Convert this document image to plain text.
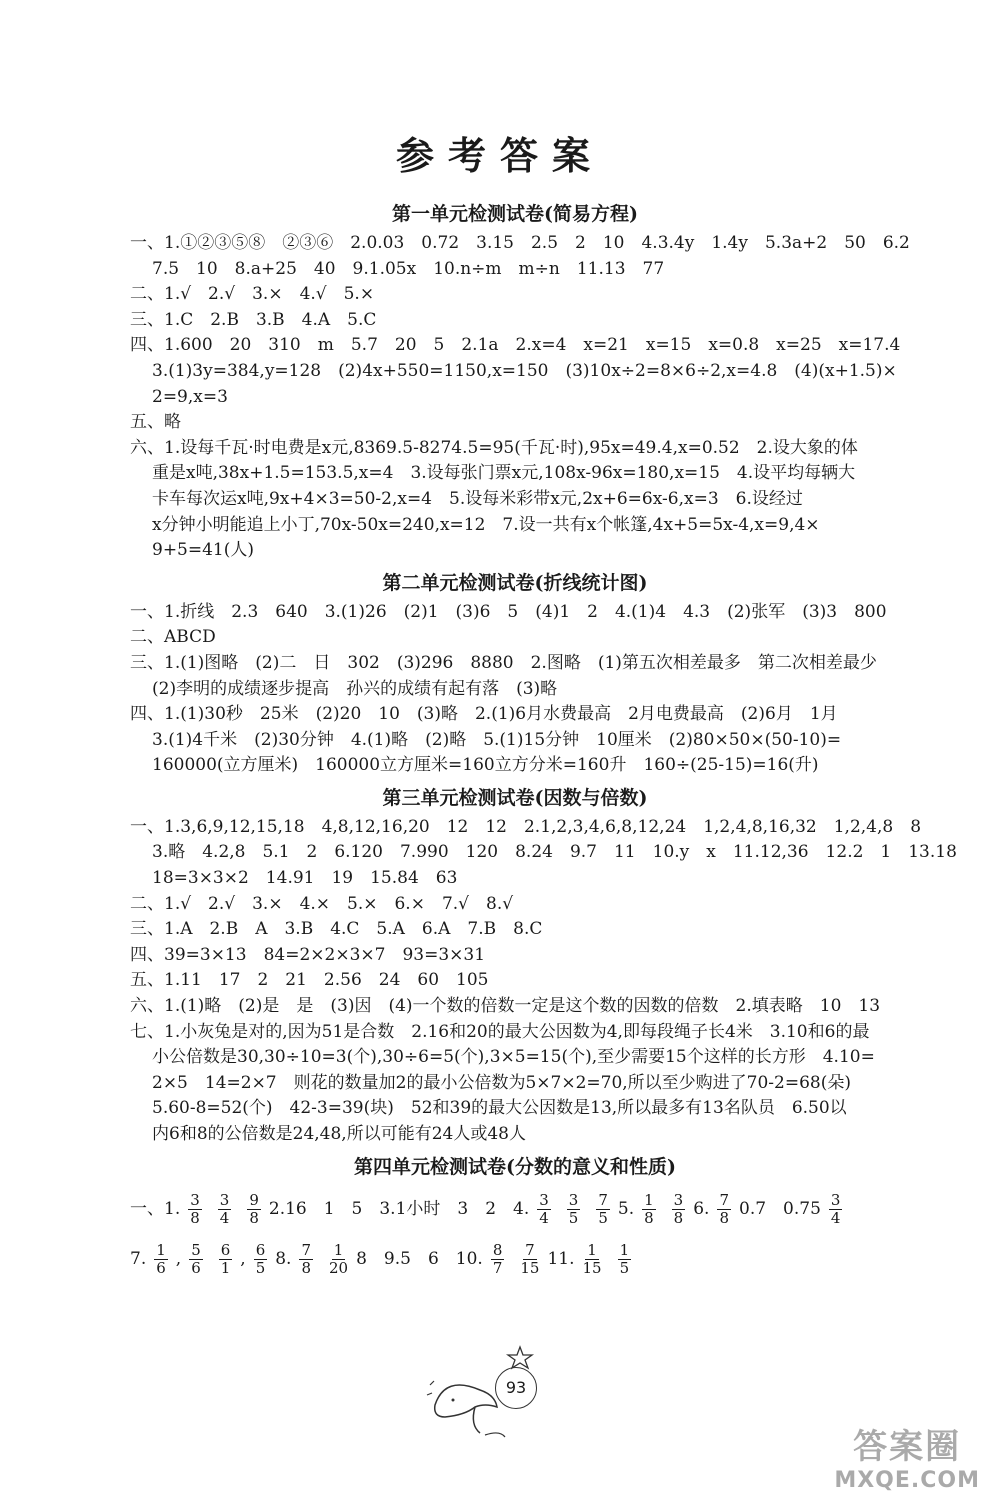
参考答案
第一单元检测试卷(简易方程)
一、1.①②③⑤⑧　②③⑥　2.0.03　0.72　3.15　2.5　2　10　4.3.4y　1.4y　5.3a+2　50　6.2
7.5　10　8.a+25　40　9.1.05x　10.n÷m　m÷n　11.13　77
二、1.√　2.√　3.×　4.√　5.×
三、1.C　2.B　3.B　4.A　5.C
四、1.600　20　310　m　5.7　20　5　2.1a　2.x=4　x=21　x=15　x=0.8　x=25　x=17.4
3.(1)3y=384,y=128　(2)4x+550=1150,x=150　(3)10x÷2=8×6÷2,x=4.8　(4)(x+1.5)×
2=9,x=3
五、略
六、1.设每千瓦·时电费是x元,8369.5-8274.5=95(千瓦·时),95x=49.4,x=0.52　2.设大象的体
重是x吨,38x+1.5=153.5,x=4　3.设每张门票x元,108x-96x=180,x=15　4.设平均每辆大
卡车每次运x吨,9x+4×3=50-2,x=4　5.设每米彩带x元,2x+6=6x-6,x=3　6.设经过
x分钟小明能追上小丁,70x-50x=240,x=12　7.设一共有x个帐篷,4x+5=5x-4,x=9,4×
9+5=41(人)
第二单元检测试卷(折线统计图)
一、1.折线　2.3　640　3.(1)26　(2)1　(3)6　5　(4)1　2　4.(1)4　4.3　(2)张军　(3)3　800
二、ABCD
三、1.(1)图略　(2)二　日　302　(3)296　8880　2.图略　(1)第五次相差最多　第二次相差最少
(2)李明的成绩逐步提高　孙兴的成绩有起有落　(3)略
四、1.(1)30秒　25米　(2)20　10　(3)略　2.(1)6月水费最高　2月电费最高　(2)6月　1月
3.(1)4千米　(2)30分钟　4.(1)略　(2)略　5.(1)15分钟　10厘米　(2)80×50×(50-10)=
160000(立方厘米)　160000立方厘米=160立方分米=160升　160÷(25-15)=16(升)
第三单元检测试卷(因数与倍数)
一、1.3,6,9,12,15,18　4,8,12,16,20　12　12　2.1,2,3,4,6,8,12,24　1,2,4,8,16,32　1,2,4,8　8
3.略　4.2,8　5.1　2　6.120　7.990　120　8.24　9.7　11　10.y　x　11.12,36　12.2　1　13.18
18=3×3×2　14.91　19　15.84　63
二、1.√　2.√　3.×　4.×　5.×　6.×　7.√　8.√
三、1.A　2.B　A　3.B　4.C　5.A　6.A　7.B　8.C
四、39=3×13　84=2×2×3×7　93=3×31
五、1.11　17　2　21　2.56　24　60　105
六、1.(1)略　(2)是　是　(3)因　(4)一个数的倍数一定是这个数的因数的倍数　2.填表略　10　13
七、1.小灰兔是对的,因为51是合数　2.16和20的最大公因数为4,即每段绳子长4米　3.10和6的最
小公倍数是30,30÷10=3(个),30÷6=5(个),3×5=15(个),至少需要15个这样的长方形　4.10=
2×5　14=2×7　则花的数量加2的最小公倍数为5×7×2=70,所以至少购进了70-2=68(朵)
5.60-8=52(个)　42-3=39(块)　52和39的最大公因数是13,所以最多有13名队员　6.50以
内6和8的公倍数是24,48,所以可能有24人或48人
第四单元检测试卷(分数的意义和性质)
一、1. $\frac{3}{8} \frac{3}{4} \frac{9}{8} 2.16$　1　5　3.1小时　3　2　4. $\frac{3}{4} \frac{3}{5} \frac{7}{5} 5$. $\frac{1}{8} \frac{3}{8} 6$. $\frac{7}{8} 0.7$　$0.75 \frac{3}{4}$
7. $\frac{1}{6}$ , $\frac{5}{6} \frac{6}{1}$ , $\frac{6}{5} 8$. $\frac{7}{8} \frac{1}{20} 8$　9.5　6　10. $\frac{8}{7} \frac{7}{15} 11$. $\frac{1}{15} \frac{1}{5}$
93
答案圈
MXQE.COM
